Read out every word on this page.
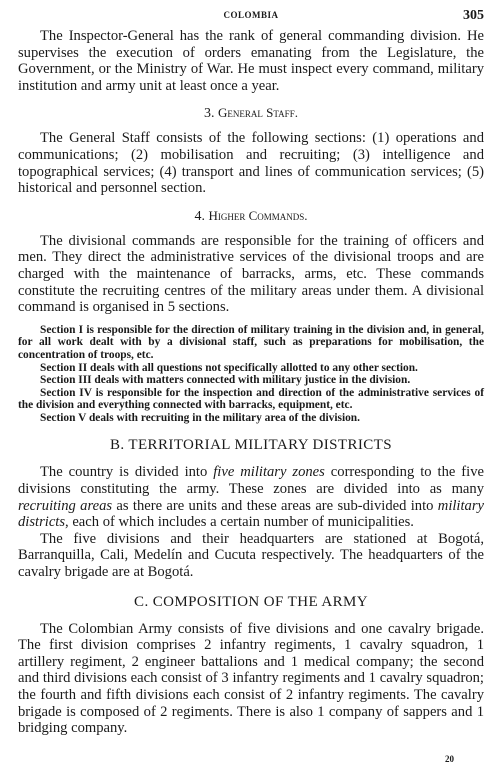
COLOMBIA	305

The Inspector-General has the rank of general commanding division. He supervises the execution of orders emanating from the Legislature, the Government, or the Ministry of War. He must inspect every command, military institution and army unit at least once a year.

3. General Staff.

The General Staff consists of the following sections: (1) operations and communications; (2) mobilisation and recruiting; (3) intelligence and topographical services; (4) transport and lines of communication services; (5) historical and personnel section.

4. Higher Commands.

The divisional commands are responsible for the training of officers and men. They direct the administrative services of the divisional troops and are charged with the maintenance of barracks, arms, etc. These commands constitute the recruiting centres of the military areas under them. A divisional command is organised in 5 sections.

Section I is responsible for the direction of military training in the division and, in general, for all work dealt with by a divisional staff, such as preparations for mobilisation, the concentration of troops, etc.

Section II deals with all questions not specifically allotted to any other section.

Section III deals with matters connected with military justice in the division.

Section IV is responsible for the inspection and direction of the administrative services of the division and everything connected with barracks, equipment, etc.

Section V deals with recruiting in the military area of the division.

B. TERRITORIAL MILITARY DISTRICTS

The country is divided into five military zones corresponding to the five divisions constituting the army. These zones are divided into as many recruiting areas as there are units and these areas are sub-divided into military districts, each of which includes a certain number of municipalities.

The five divisions and their headquarters are stationed at Bogotá, Barranquilla, Cali, Medelín and Cucuta respectively. The headquarters of the cavalry brigade are at Bogotá.

C. COMPOSITION OF THE ARMY

The Colombian Army consists of five divisions and one cavalry brigade. The first division comprises 2 infantry regiments, 1 cavalry squadron, 1 artillery regiment, 2 engineer battalions and 1 medical company; the second and third divisions each consist of 3 infantry regiments and 1 cavalry squadron; the fourth and fifth divisions each consist of 2 infantry regiments. The cavalry brigade is composed of 2 regiments. There is also 1 company of sappers and 1 bridging company.

20
